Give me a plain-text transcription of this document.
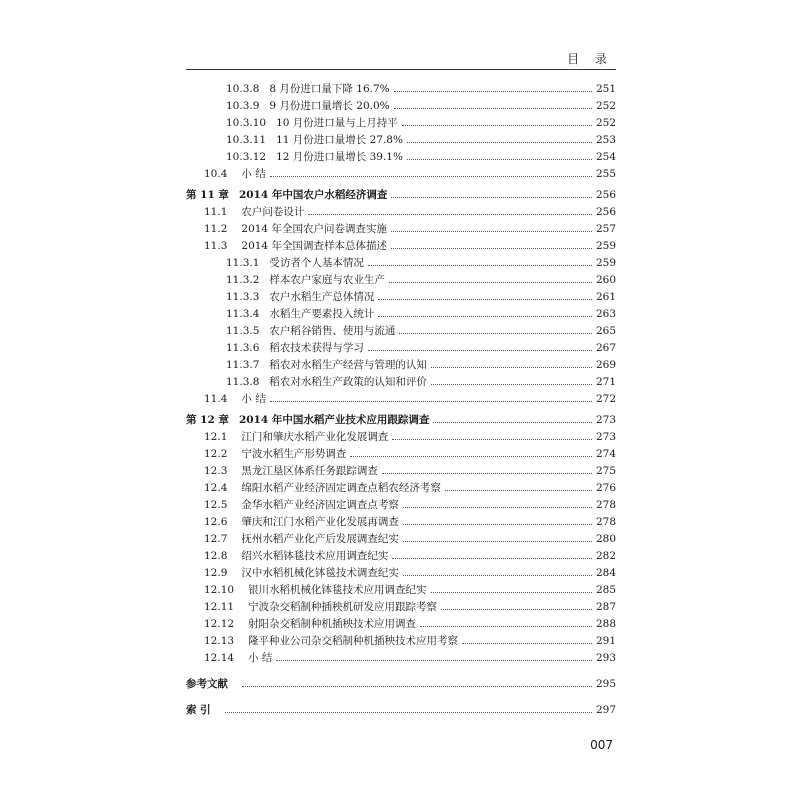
目 录
10.3.8 8 月份进口量下降 16.7%	251
10.3.9 9 月份进口量增长 20.0%	252
10.3.10 10 月份进口量与上月持平	252
10.3.11 11 月份进口量增长 27.8%	253
10.3.12 12 月份进口量增长 39.1%	254
10.4 小 结	255
第 11 章 2014 年中国农户水稻经济调查	256
11.1 农户问卷设计	256
11.2 2014 年全国农户问卷调查实施	257
11.3 2014 年全国调查样本总体描述	259
11.3.1 受访者个人基本情况	259
11.3.2 样本农户家庭与农业生产	260
11.3.3 农户水稻生产总体情况	261
11.3.4 水稻生产要素投入统计	263
11.3.5 农户稻谷销售、使用与流通	265
11.3.6 稻农技术获得与学习	267
11.3.7 稻农对水稻生产经营与管理的认知	269
11.3.8 稻农对水稻生产政策的认知和评价	271
11.4 小 结	272
第 12 章 2014 年中国水稻产业技术应用跟踪调查	273
12.1 江门和肇庆水稻产业化发展调查	273
12.2 宁波水稻生产形势调查	274
12.3 黑龙江垦区体系任务跟踪调查	275
12.4 绵阳水稻产业经济固定调查点稻农经济考察	276
12.5 金华水稻产业经济固定调查点考察	278
12.6 肇庆和江门水稻产业化发展再调查	278
12.7 抚州水稻产业化产后发展调查纪实	280
12.8 绍兴水稻钵毯技术应用调查纪实	282
12.9 汉中水稻机械化钵毯技术调查纪实	284
12.10 银川水稻机械化钵毯技术应用调查纪实	285
12.11 宁波杂交稻制种插秧机研发应用跟踪考察	287
12.12 射阳杂交稻制种机插秧技术应用调查	288
12.13 隆平种业公司杂交稻制种机插秧技术应用考察	291
12.14 小 结	293
参考文献	295
索 引	297
007
